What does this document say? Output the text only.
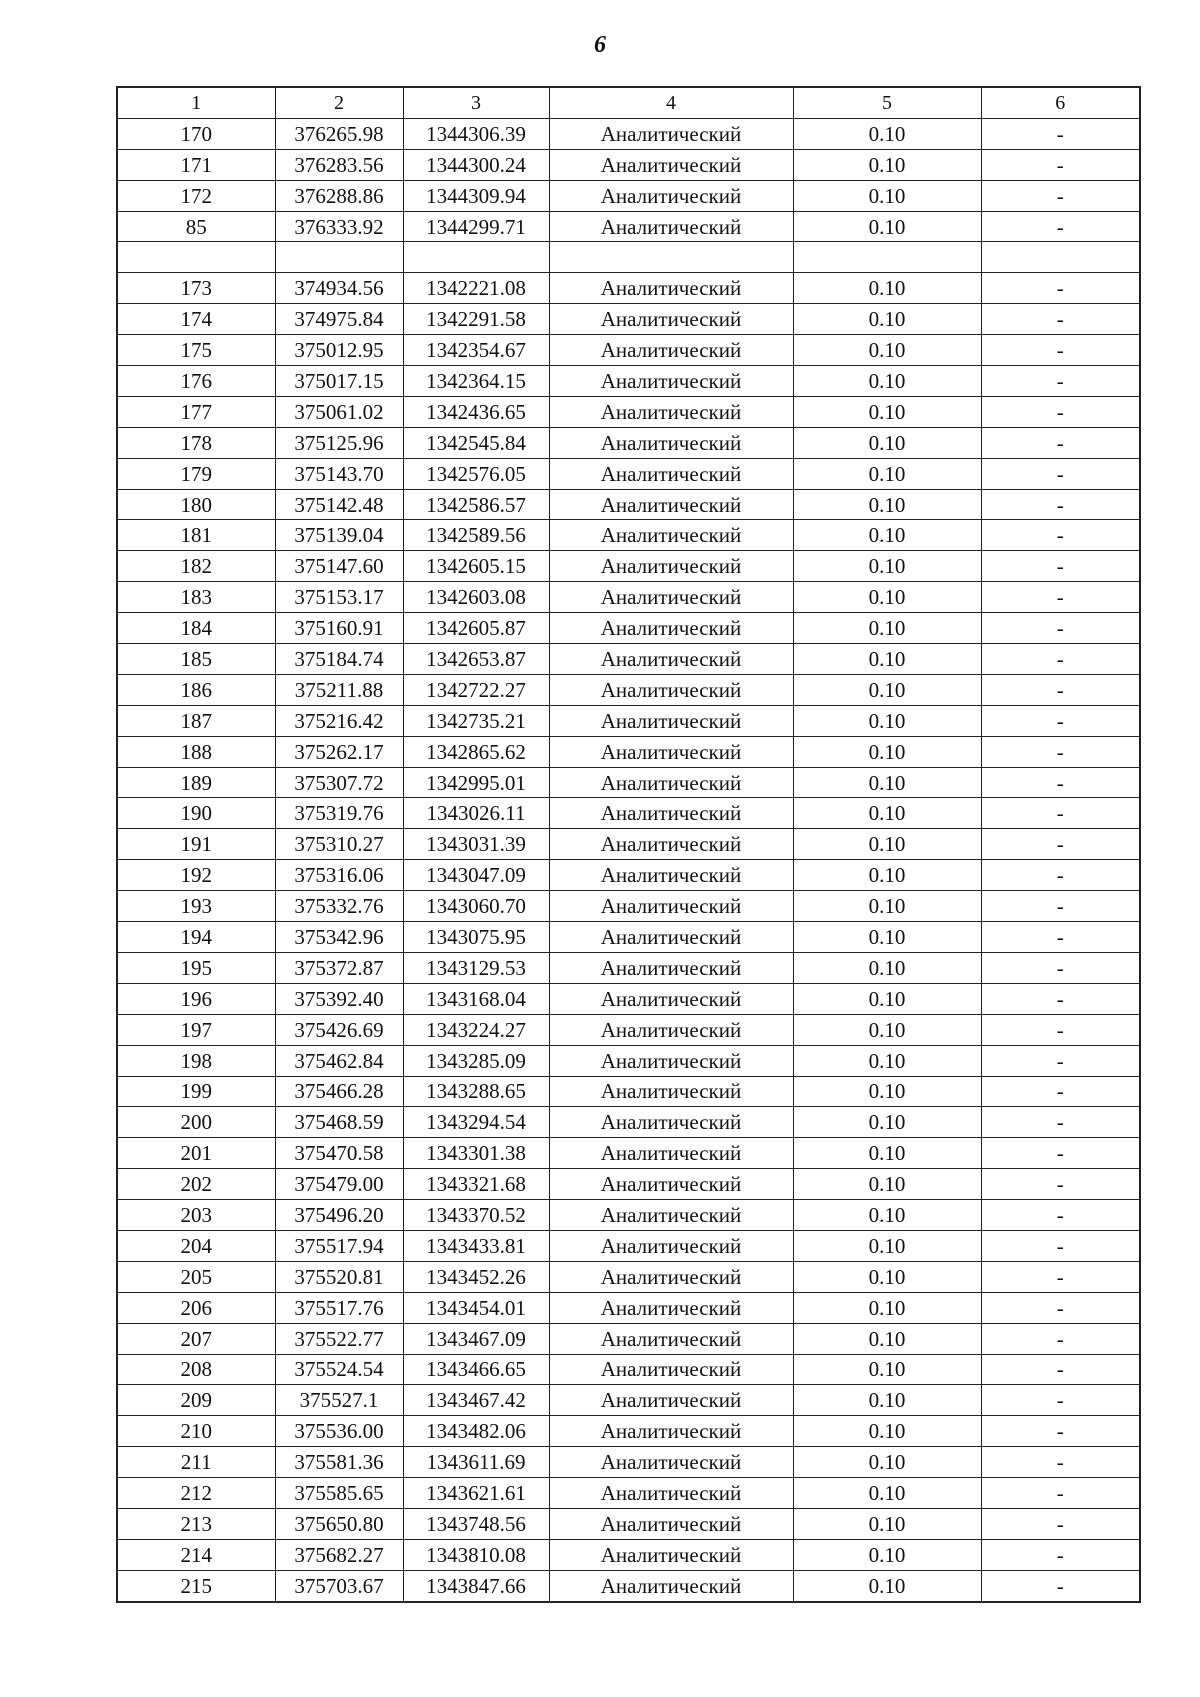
6
1	2	3	4	5	6
170	376265.98	1344306.39	Аналитический	0.10	-
171	376283.56	1344300.24	Аналитический	0.10	-
172	376288.86	1344309.94	Аналитический	0.10	-
85	376333.92	1344299.71	Аналитический	0.10	-

173	374934.56	1342221.08	Аналитический	0.10	-
174	374975.84	1342291.58	Аналитический	0.10	-
175	375012.95	1342354.67	Аналитический	0.10	-
176	375017.15	1342364.15	Аналитический	0.10	-
177	375061.02	1342436.65	Аналитический	0.10	-
178	375125.96	1342545.84	Аналитический	0.10	-
179	375143.70	1342576.05	Аналитический	0.10	-
180	375142.48	1342586.57	Аналитический	0.10	-
181	375139.04	1342589.56	Аналитический	0.10	-
182	375147.60	1342605.15	Аналитический	0.10	-
183	375153.17	1342603.08	Аналитический	0.10	-
184	375160.91	1342605.87	Аналитический	0.10	-
185	375184.74	1342653.87	Аналитический	0.10	-
186	375211.88	1342722.27	Аналитический	0.10	-
187	375216.42	1342735.21	Аналитический	0.10	-
188	375262.17	1342865.62	Аналитический	0.10	-
189	375307.72	1342995.01	Аналитический	0.10	-
190	375319.76	1343026.11	Аналитический	0.10	-
191	375310.27	1343031.39	Аналитический	0.10	-
192	375316.06	1343047.09	Аналитический	0.10	-
193	375332.76	1343060.70	Аналитический	0.10	-
194	375342.96	1343075.95	Аналитический	0.10	-
195	375372.87	1343129.53	Аналитический	0.10	-
196	375392.40	1343168.04	Аналитический	0.10	-
197	375426.69	1343224.27	Аналитический	0.10	-
198	375462.84	1343285.09	Аналитический	0.10	-
199	375466.28	1343288.65	Аналитический	0.10	-
200	375468.59	1343294.54	Аналитический	0.10	-
201	375470.58	1343301.38	Аналитический	0.10	-
202	375479.00	1343321.68	Аналитический	0.10	-
203	375496.20	1343370.52	Аналитический	0.10	-
204	375517.94	1343433.81	Аналитический	0.10	-
205	375520.81	1343452.26	Аналитический	0.10	-
206	375517.76	1343454.01	Аналитический	0.10	-
207	375522.77	1343467.09	Аналитический	0.10	-
208	375524.54	1343466.65	Аналитический	0.10	-
209	375527.1	1343467.42	Аналитический	0.10	-
210	375536.00	1343482.06	Аналитический	0.10	-
211	375581.36	1343611.69	Аналитический	0.10	-
212	375585.65	1343621.61	Аналитический	0.10	-
213	375650.80	1343748.56	Аналитический	0.10	-
214	375682.27	1343810.08	Аналитический	0.10	-
215	375703.67	1343847.66	Аналитический	0.10	-
